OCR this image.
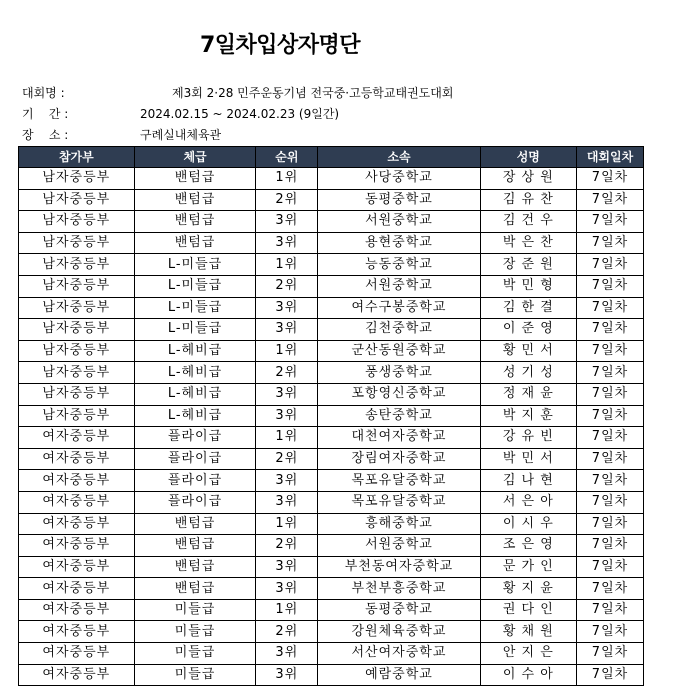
7일차입상자명단
대회명 :	제3회 2·28 민주운동기념 전국중·고등학교태권도대회
기    간 :	2024.02.15 ~ 2024.02.23 (9일간)
장    소 :	구례실내체육관
참가부	체급	순위	소속	성명	대회일차
남자중등부	밴텀급	1위	사당중학교	장 상 원	7일차
남자중등부	밴텀급	2위	동평중학교	김 유 찬	7일차
남자중등부	밴텀급	3위	서원중학교	김 건 우	7일차
남자중등부	밴텀급	3위	용현중학교	박 은 찬	7일차
남자중등부	L-미들급	1위	능동중학교	장 준 원	7일차
남자중등부	L-미들급	2위	서원중학교	박 민 형	7일차
남자중등부	L-미들급	3위	여수구봉중학교	김 한 결	7일차
남자중등부	L-미들급	3위	김천중학교	이 준 영	7일차
남자중등부	L-헤비급	1위	군산동원중학교	황 민 서	7일차
남자중등부	L-헤비급	2위	풍생중학교	성 기 성	7일차
남자중등부	L-헤비급	3위	포항영신중학교	정 재 윤	7일차
남자중등부	L-헤비급	3위	송탄중학교	박 지 훈	7일차
여자중등부	플라이급	1위	대천여자중학교	강 유 빈	7일차
여자중등부	플라이급	2위	장림여자중학교	박 민 서	7일차
여자중등부	플라이급	3위	목포유달중학교	김 나 현	7일차
여자중등부	플라이급	3위	목포유달중학교	서 은 아	7일차
여자중등부	밴텀급	1위	흥해중학교	이 시 우	7일차
여자중등부	밴텀급	2위	서원중학교	조 은 영	7일차
여자중등부	밴텀급	3위	부천동여자중학교	문 가 인	7일차
여자중등부	밴텀급	3위	부천부흥중학교	황 지 윤	7일차
여자중등부	미들급	1위	동평중학교	권 다 인	7일차
여자중등부	미들급	2위	강원체육중학교	황 채 원	7일차
여자중등부	미들급	3위	서산여자중학교	안 지 은	7일차
여자중등부	미들급	3위	예람중학교	이 수 아	7일차
